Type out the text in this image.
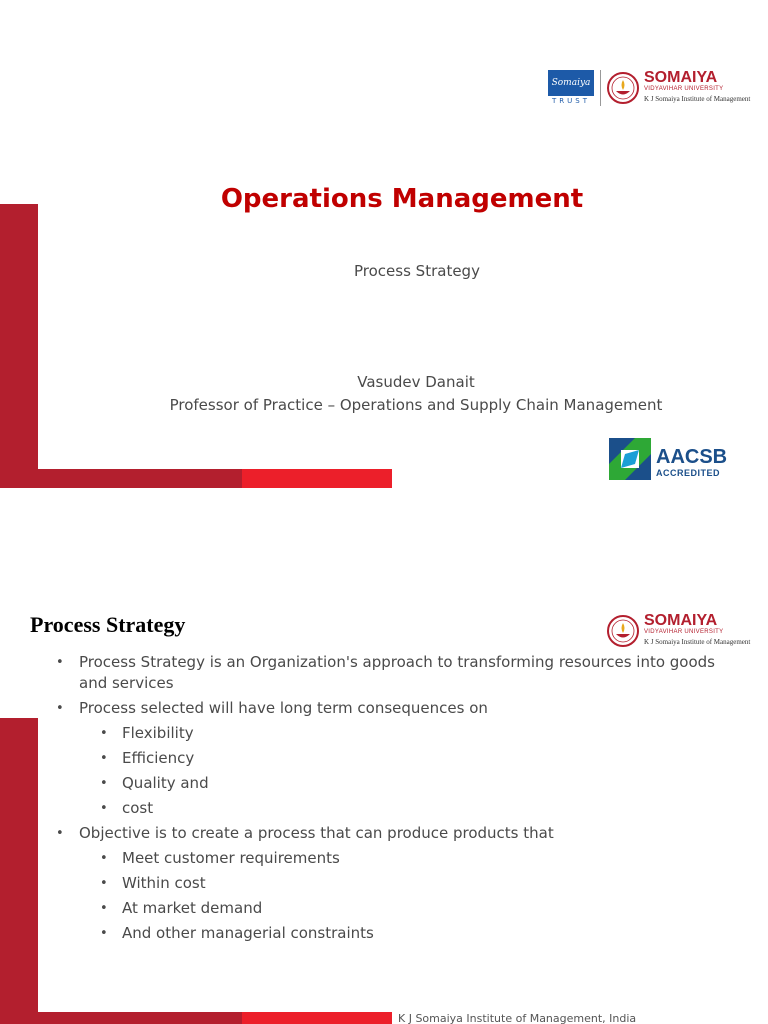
Somaiya
TRUST
SOMAIYA
VIDYAVIHAR UNIVERSITY
K J Somaiya Institute of Management
Operations Management
Process Strategy
Vasudev Danait
Professor of Practice – Operations and Supply Chain Management
AACSB
ACCREDITED
Process Strategy	SOMAIYA
VIDYAVIHAR UNIVERSITY
K J Somaiya Institute of Management
• Process Strategy is an Organization's approach to transforming resources into goods and services
• Process selected will have long term consequences on
• Flexibility
• Efficiency
• Quality and
• cost
• Objective is to create a process that can produce products that
• Meet customer requirements
• Within cost
• At market demand
• And other managerial constraints
K J Somaiya Institute of Management, India
